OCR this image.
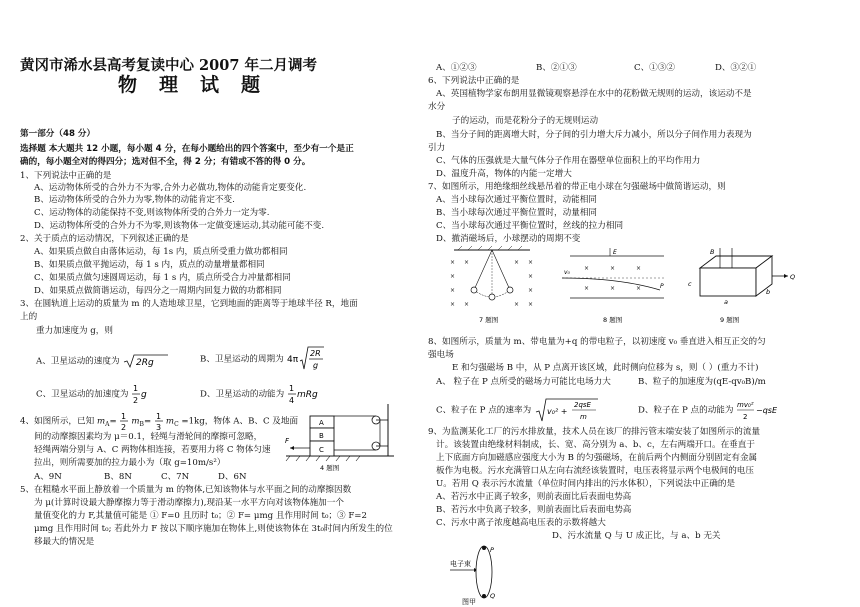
黄冈市浠水县高考复读中心 2007 年二月调考
物理试题
第一部分（48 分）
选择题 本大题共 12 小题，每小题 4 分，在每小题给出的四个答案中，至少有一个是正
确的，每小题全对的得四分；选对但不全，得 2 分；有错或不答的得 0 分。
1、下列说法中正确的是
A、运动物体所受的合外力不为零,合外力必做功,物体的动能肯定要变化.
B、运动物体所受的合外力为零,物体的动能肯定不变.
C、运动物体的动能保持不变,则该物体所受的合外力一定为零.
D、运动物体所受的合外力不为零,则该物体一定做变速运动,其动能可能不变.
2、关于质点的运动情况，下列叙述正确的是
A、如果质点做自由落体运动，每 1s 内，质点所受重力做功都相同
B、如果质点做平抛运动，每 1 s 内，质点的动量增量都相同
C、如果质点做匀速圆周运动，每 1 s 内，质点所受合力冲量都相同
D、如果质点做简谐运动，每四分之一周期内回复力做的功都相同
3、在圆轨道上运动的质量为 m 的人造地球卫星，它到地面的距离等于地球半径 R，地面
上的
重力加速度为 g，则
A、卫星运动的速度为 2Rg	B、卫星运动的周期为 4π
2R
g
C、卫星运动的加速度为
1
2
g	D、卫星运动的动能为
1
4
mRg
4、如图所示，已知 $m_A= 1$
2
$m_B= 1$
3
$m_C =1kg$，物体 A、B、C 及地面
间的动摩擦因素均为 μ＝0.1，轻绳与滑轮间的摩擦可忽略，
轻绳两端分别与 A、C 两物体相连接，若要用力将 C 物体匀速
拉出，则所需要加的拉力最小为（取 g=10m/s²）
A、9N	B、8N	C、7N	D、6N
A
B
C
F
4 题图
5、在粗糙水平面上静放着一个质量为 m 的物体,已知该物体与水平面之间的动摩擦因数
为 μ(计算时设最大静摩擦力等于滑动摩擦力),现沿某一水平方向对该物体施加一个
量值变化的力 F,其量值可能是 ① F=0 且历时 t₀；② F= μmg 且作用时间 t₀；③ F=2
μmg 且作用时间 t₀; 若此外力 F 按以下顺序施加在物体上,则使该物体在 3t₀时间内所发生的位
移最大的情况是
A、①②③	B、②①③	C、①③②	D、③②①
6、下列说法中正确的是
A、英国植物学家布朗用显微镜观察悬浮在水中的花粉做无规则的运动，该运动不是
水分
子的运动，而是花粉分子的无规则运动
B、当分子间的距离增大时，分子间的引力增大斥力减小，所以分子间作用力表现为
引力
C、气体的压强就是大量气体分子作用在器壁单位面积上的平均作用力
D、温度升高，物体的内能一定增大
7、如图所示，用绝缘细丝线悬吊着的带正电小球在匀强磁场中做简谐运动，则
A、当小球每次通过平衡位置时，动能相同
B、当小球每次通过平衡位置时，动量相同
C、当小球每次通过平衡位置时，丝线的拉力相同
D、撤消磁场后，小球摆动的周期不变
× ×	× ×
×	×
×	×
× ×	× ×
7 题图
×	×	×
×	×	×
v₀
P
E
8 题图
B
Q
c
a
b
9 题图
8、如图所示，质量为 m、带电量为+q 的带电粒子，以初速度 v₀ 垂直进入相互正交的匀
强电场
E 和匀强磁场 B 中，从 P 点离开该区域，此时侧向位移为 s，则（ ）(重力不计)
A、 粒子在 P 点所受的磁场力可能比电场力大	B、粒子的加速度为(qE-qv₀B)/m
C、粒子在 P 点的速率为 v₀² +
2qsE
m
D、粒子在 P 点的动能为
mv₀²
2
−qsE
9、为监测某化工厂的污水排放量，技术人员在该厂的排污管末端安装了如图所示的流量
计。该装置由绝缘材料制成，长、宽、高分别为 a、b、c，左右两端开口。在垂直于
上下底面方向加磁感应强度大小为 B 的匀强磁场，在前后两个内侧面分别固定有金属
板作为电极。污水充满管口从左向右流经该装置时，电压表将显示两个电极间的电压
U。若用 Q 表示污水流量（单位时间内排出的污水体积），下列说法中正确的是
A、若污水中正离子较多，则前表面比后表面电势高
B、若污水中负离子较多，则前表面比后表面电势高
C、污水中离子浓度越高电压表的示数将越大
D、污水流量 Q 与 U 成正比，与 a、b 无关
电子束
P
Q
图甲
